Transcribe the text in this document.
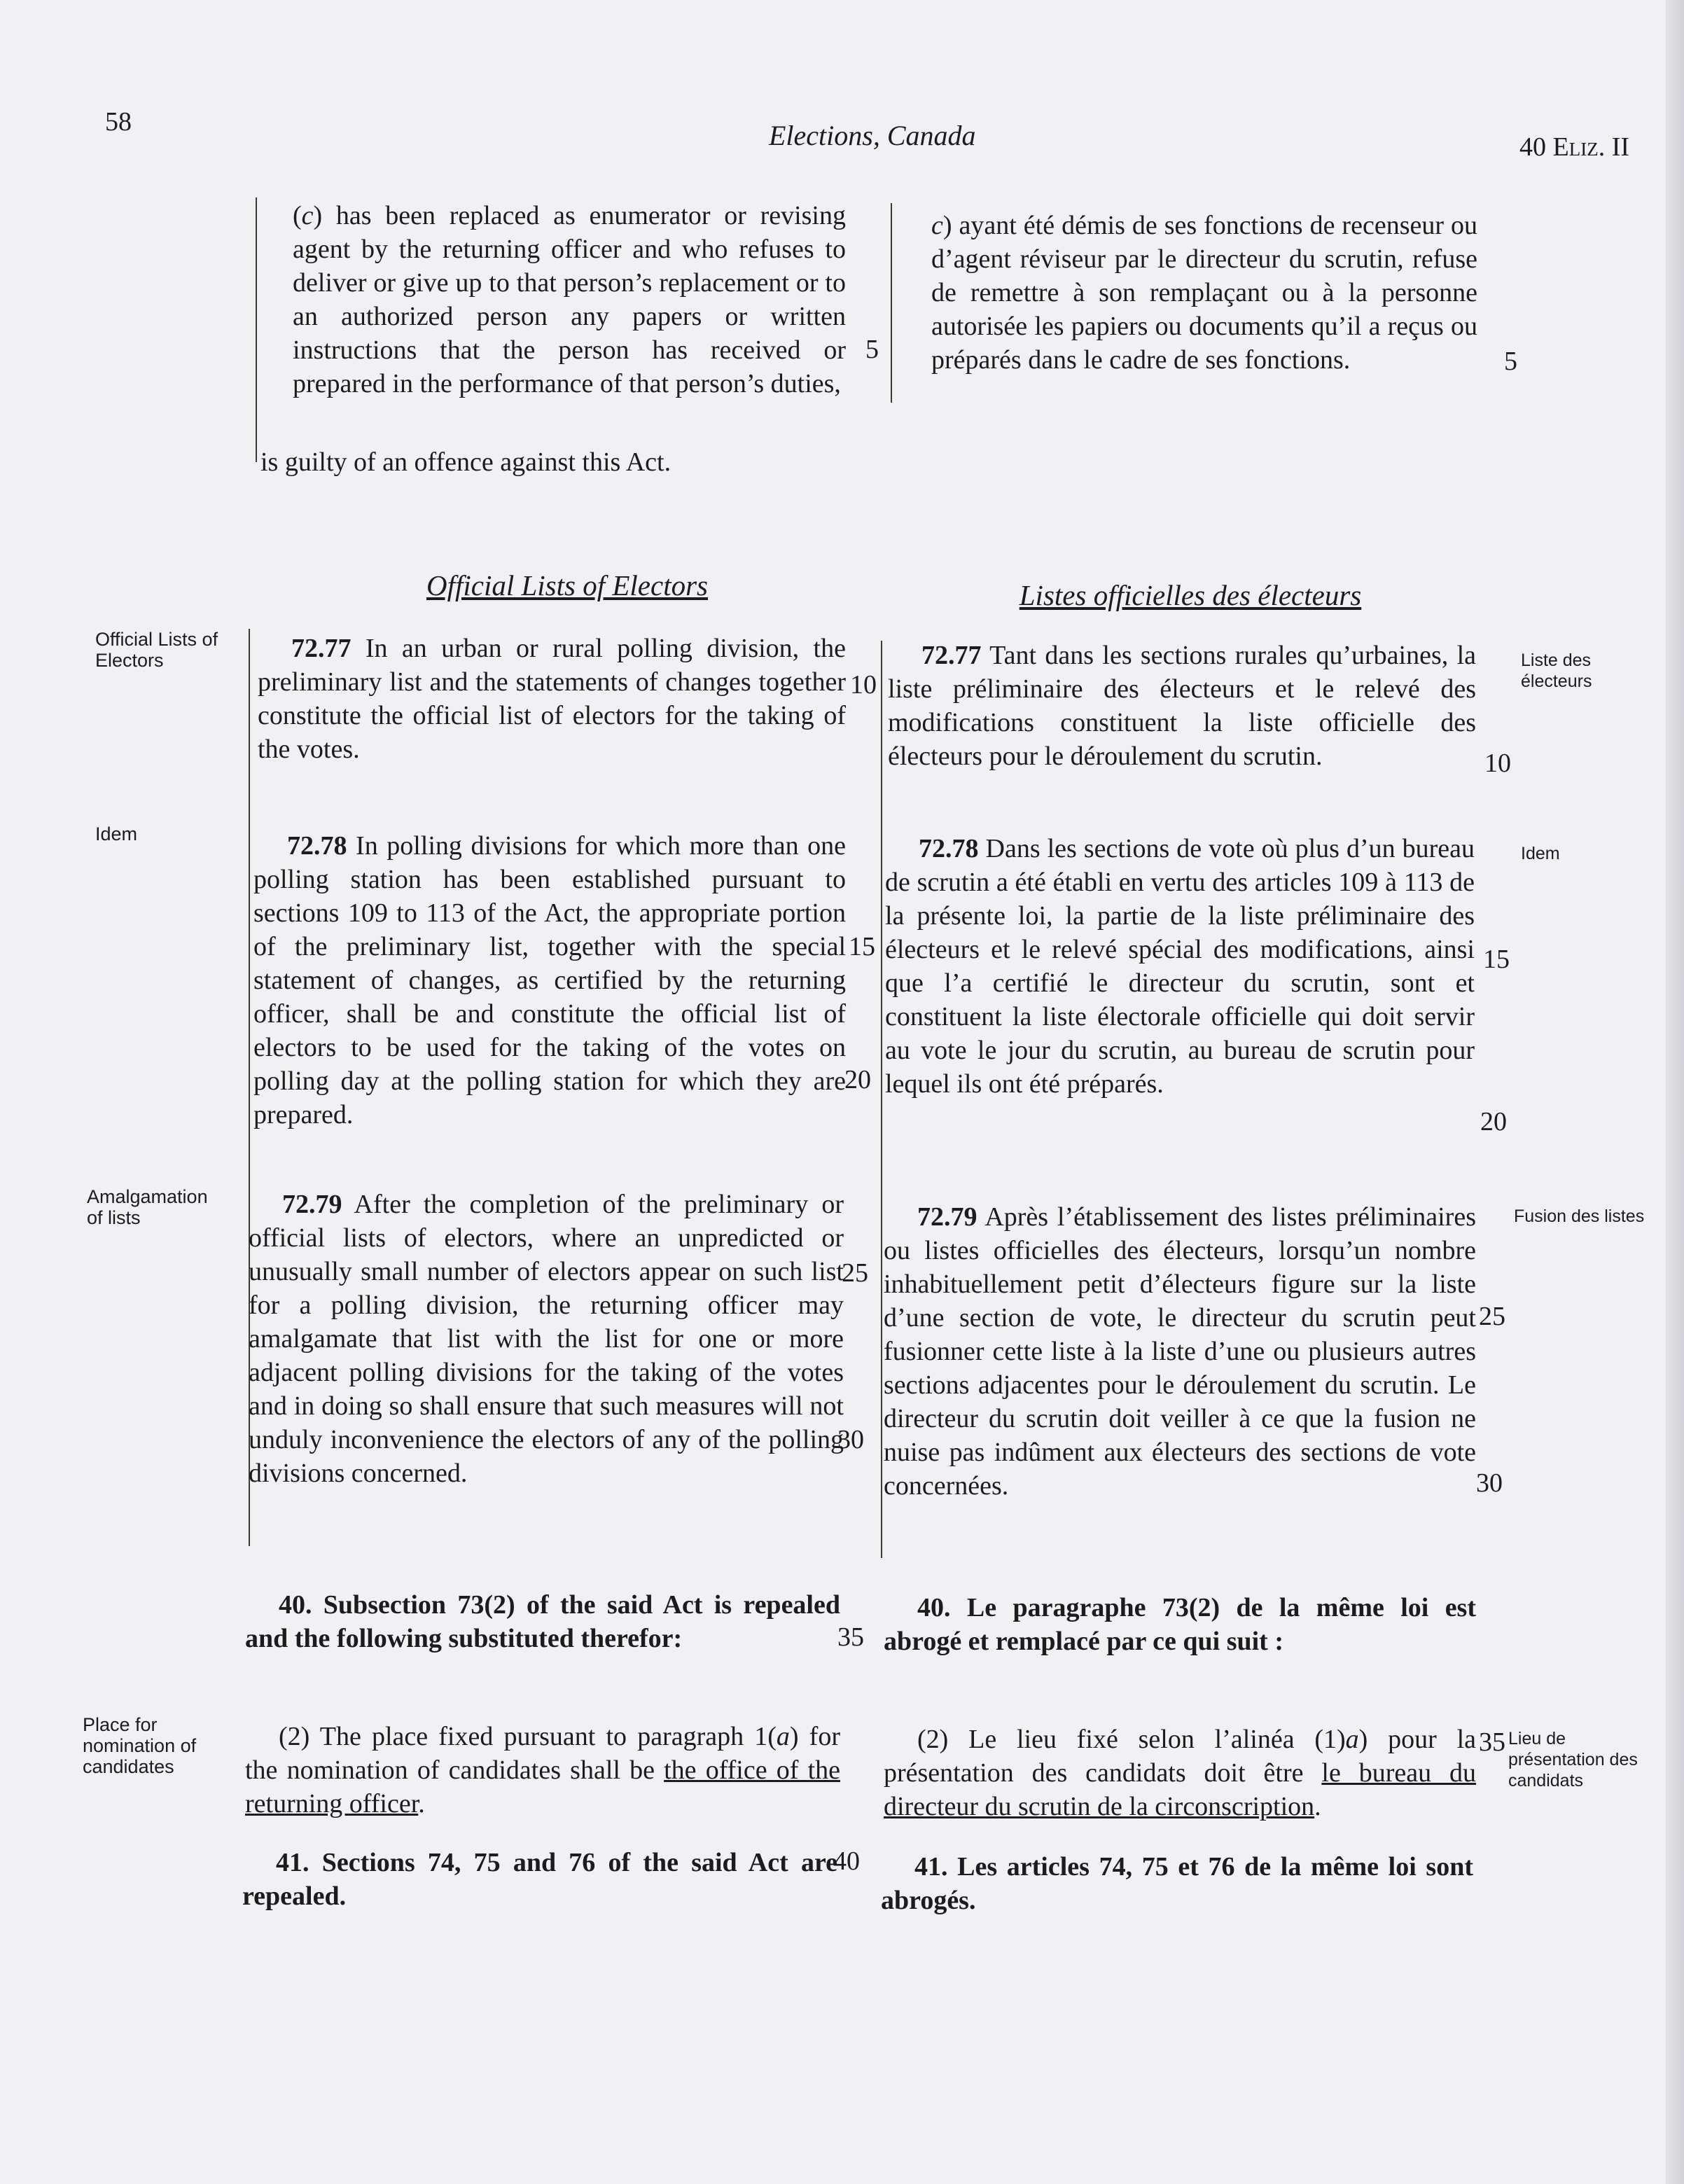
58	Elections, Canada	40 Eliz. II

(c) has been replaced as enumerator or revising agent by the returning officer and who refuses to deliver or give up to that person’s replacement or to an authorized person any papers or written instructions that the person has received or prepared in the performance of that person’s duties,

is guilty of an offence against this Act.

c) ayant été démis de ses fonctions de recenseur ou d’agent réviseur par le directeur du scrutin, refuse de remettre à son remplaçant ou à la personne autorisée les papiers ou documents qu’il a reçus ou préparés dans le cadre de ses fonctions.

Official Lists of Electors	Listes officielles des électeurs

72.77 In an urban or rural polling division, the preliminary list and the statements of changes together constitute the official list of electors for the taking of the votes.

72.78 In polling divisions for which more than one polling station has been established pursuant to sections 109 to 113 of the Act, the appropriate portion of the preliminary list, together with the special statement of changes, as certified by the returning officer, shall be and constitute the official list of electors to be used for the taking of the votes on polling day at the polling station for which they are prepared.

72.79 After the completion of the preliminary or official lists of electors, where an unpredicted or unusually small number of electors appear on such list for a polling division, the returning officer may amalgamate that list with the list for one or more adjacent polling divisions for the taking of the votes and in doing so shall ensure that such measures will not unduly inconvenience the electors of any of the polling divisions concerned.

40. Subsection 73(2) of the said Act is repealed and the following substituted therefor:

(2) The place fixed pursuant to paragraph 1(a) for the nomination of candidates shall be the office of the returning officer.

41. Sections 74, 75 and 76 of the said Act are repealed.

72.77 Tant dans les sections rurales qu’urbaines, la liste préliminaire des électeurs et le relevé des modifications constituent la liste officielle des électeurs pour le déroulement du scrutin.

72.78 Dans les sections de vote où plus d’un bureau de scrutin a été établi en vertu des articles 109 à 113 de la présente loi, la partie de la liste préliminaire des électeurs et le relevé spécial des modifications, ainsi que l’a certifié le directeur du scrutin, sont et constituent la liste électorale officielle qui doit servir au vote le jour du scrutin, au bureau de scrutin pour lequel ils ont été préparés.

72.79 Après l’établissement des listes préliminaires ou listes officielles des électeurs, lorsqu’un nombre inhabituellement petit d’électeurs figure sur la liste d’une section de vote, le directeur du scrutin peut fusionner cette liste à la liste d’une ou plusieurs autres sections adjacentes pour le déroulement du scrutin. Le directeur du scrutin doit veiller à ce que la fusion ne nuise pas indûment aux électeurs des sections de vote concernées.

40. Le paragraphe 73(2) de la même loi est abrogé et remplacé par ce qui suit :

(2) Le lieu fixé selon l’alinéa (1)a) pour la présentation des candidats doit être le bureau du directeur du scrutin de la circonscription.

41. Les articles 74, 75 et 76 de la même loi sont abrogés.

Official Lists of Electors
Idem
Amalgamation of lists
Place for nomination of candidates
Liste des électeurs
Idem
Fusion des listes
Lieu de présentation des candidats
5
10
15
20
25
30
35
40
5
10
15
20
25
30
35
